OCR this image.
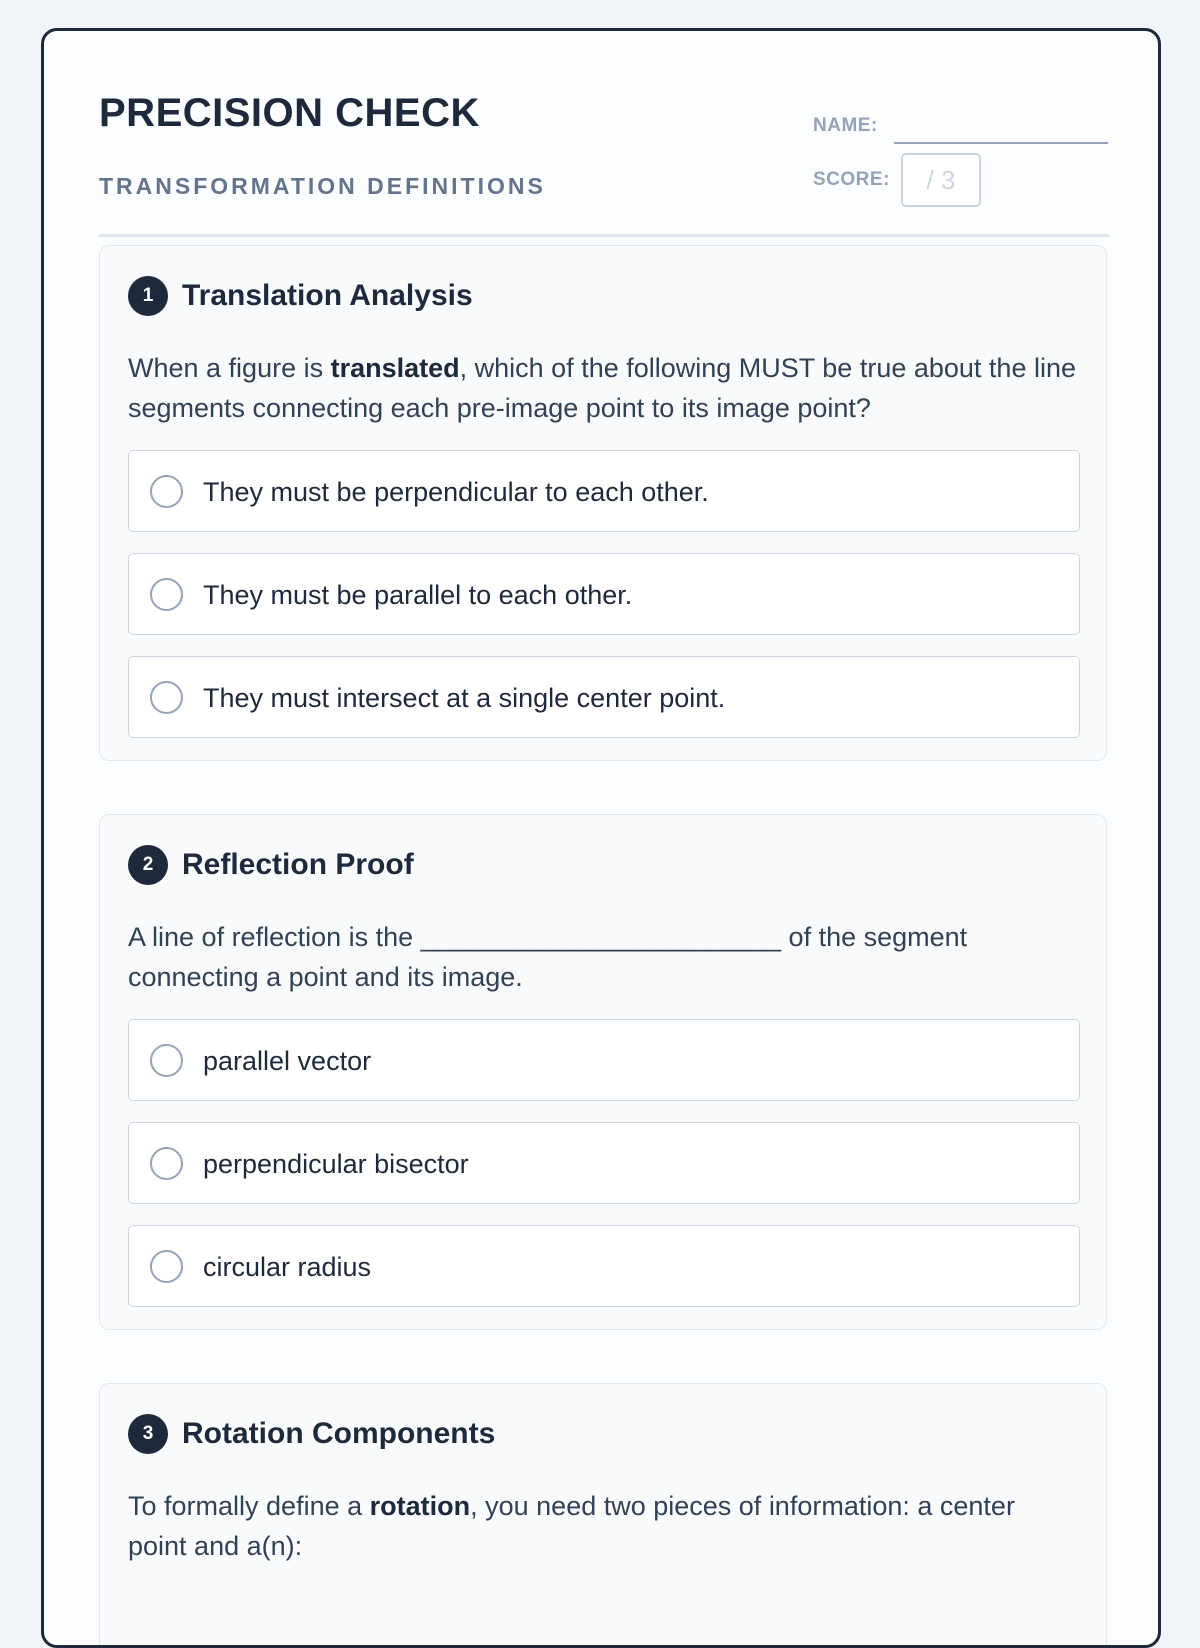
PRECISION CHECK
TRANSFORMATION DEFINITIONS
NAME:
SCORE:	/ 3
1 Translation Analysis
When a figure is translated, which of the following MUST be true about the line segments connecting each pre-image point to its image point?
They must be perpendicular to each other.
They must be parallel to each other.
They must intersect at a single center point.
2 Reflection Proof
A line of reflection is the ________________________ of the segment connecting a point and its image.
parallel vector
perpendicular bisector
circular radius
3 Rotation Components
To formally define a rotation, you need two pieces of information: a center point and a(n):
